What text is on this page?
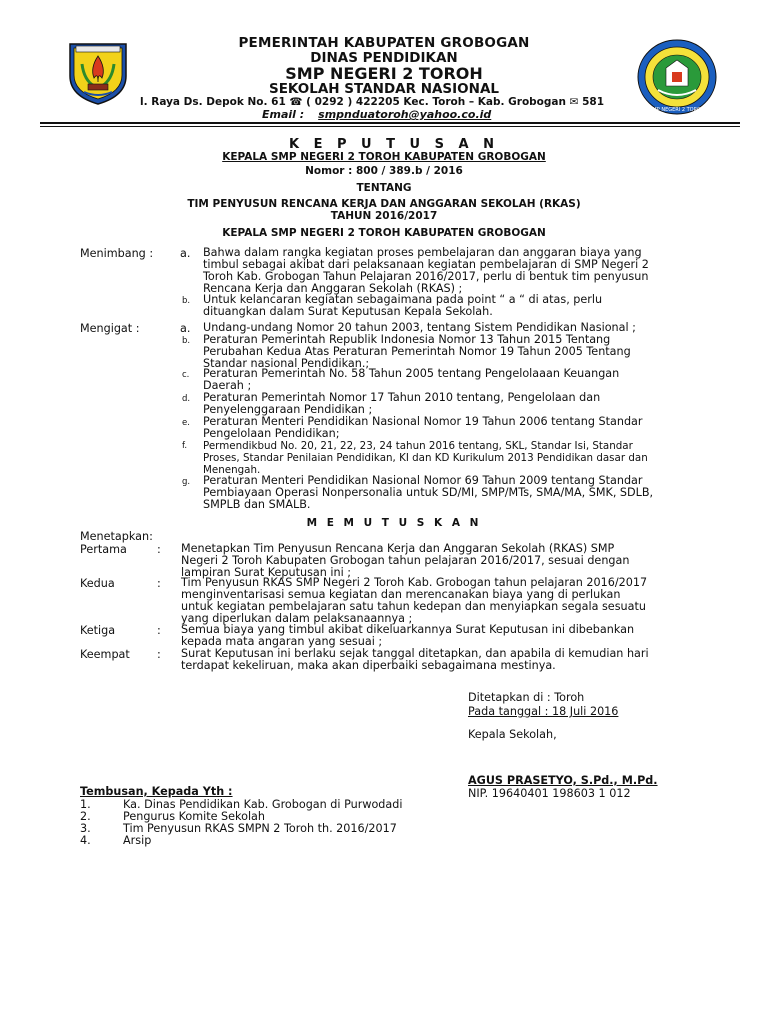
SMP NEGERI 2 TOROH
PEMERINTAH KABUPATEN GROBOGAN
DINAS PENDIDIKAN
SMP NEGERI 2 TOROH
SEKOLAH STANDAR NASIONAL
l. Raya Ds. Depok No. 61 ☎ ( 0292 ) 422205 Kec. Toroh – Kab. Grobogan ✉ 581
Email : smpnduatoroh@yahoo.co.id
K E P U T U S A N
KEPALA SMP NEGERI 2 TOROH KABUPATEN GROBOGAN
Nomor : 800 / 389.b / 2016
TENTANG
TIM PENYUSUN RENCANA KERJA DAN ANGGARAN SEKOLAH (RKAS)
TAHUN 2016/2017
KEPALA SMP NEGERI 2 TOROH KABUPATEN GROBOGAN
Menimbang : a. Bahwa dalam rangka kegiatan proses pembelajaran dan anggaran biaya yang
timbul sebagai akibat dari pelaksanaan kegiatan pembelajaran di SMP Negeri 2
Toroh Kab. Grobogan Tahun Pelajaran 2016/2017, perlu di bentuk tim penyusun
Rencana Kerja dan Anggaran Sekolah (RKAS) ;
b. Untuk kelancaran kegiatan sebagaimana pada point “ a “ di atas, perlu
dituangkan dalam Surat Keputusan Kepala Sekolah.
Mengigat :	a. Undang-undang Nomor 20 tahun 2003, tentang Sistem Pendidikan Nasional ;
b. Peraturan Pemerintah Republik Indonesia Nomor 13 Tahun 2015 Tentang
Perubahan Kedua Atas Peraturan Pemerintah Nomor 19 Tahun 2005 Tentang
Standar nasional Pendidikan.;
c. Peraturan Pemerintah No. 58 Tahun 2005 tentang Pengelolaaan Keuangan
Daerah ;
d. Peraturan Pemerintah Nomor 17 Tahun 2010 tentang, Pengelolaan dan
Penyelenggaraan Pendidikan ;
e. Peraturan Menteri Pendidikan Nasional Nomor 19 Tahun 2006 tentang Standar
Pengelolaan Pendidikan;
f. Permendikbud No. 20, 21, 22, 23, 24 tahun 2016 tentang, SKL, Standar Isi, Standar
Proses, Standar Penilaian Pendidikan, KI dan KD Kurikulum 2013 Pendidikan dasar dan
Menengah.
g. Peraturan Menteri Pendidikan Nasional Nomor 69 Tahun 2009 tentang Standar
Pembiayaan Operasi Nonpersonalia untuk SD/MI, SMP/MTs, SMA/MA, SMK, SDLB,
SMPLB dan SMALB.
M E M U T U S K A N
Menetapkan:
Pertama	: Menetapkan Tim Penyusun Rencana Kerja dan Anggaran Sekolah (RKAS) SMP
Negeri 2 Toroh Kabupaten Grobogan tahun pelajaran 2016/2017, sesuai dengan
lampiran Surat Keputusan ini ;
Kedua	: Tim Penyusun RKAS SMP Negeri 2 Toroh Kab. Grobogan tahun pelajaran 2016/2017
menginventarisasi semua kegiatan dan merencanakan biaya yang di perlukan
untuk kegiatan pembelajaran satu tahun kedepan dan menyiapkan segala sesuatu
yang diperlukan dalam pelaksanaannya ;
Ketiga	: Semua biaya yang timbul akibat dikeluarkannya Surat Keputusan ini dibebankan
kepada mata angaran yang sesuai ;
Keempat : Surat Keputusan ini berlaku sejak tanggal ditetapkan, dan apabila di kemudian hari
terdapat kekeliruan, maka akan diperbaiki sebagaimana mestinya.
Ditetapkan di : Toroh
Pada tanggal : 18 Juli 2016
Kepala Sekolah,
AGUS PRASETYO, S.Pd., M.Pd.
NIP. 19640401 198603 1 012
Tembusan, Kepada Yth :
1.	Ka. Dinas Pendidikan Kab. Grobogan di Purwodadi
2.	Pengurus Komite Sekolah
3.	Tim Penyusun RKAS SMPN 2 Toroh th. 2016/2017
4.	Arsip
